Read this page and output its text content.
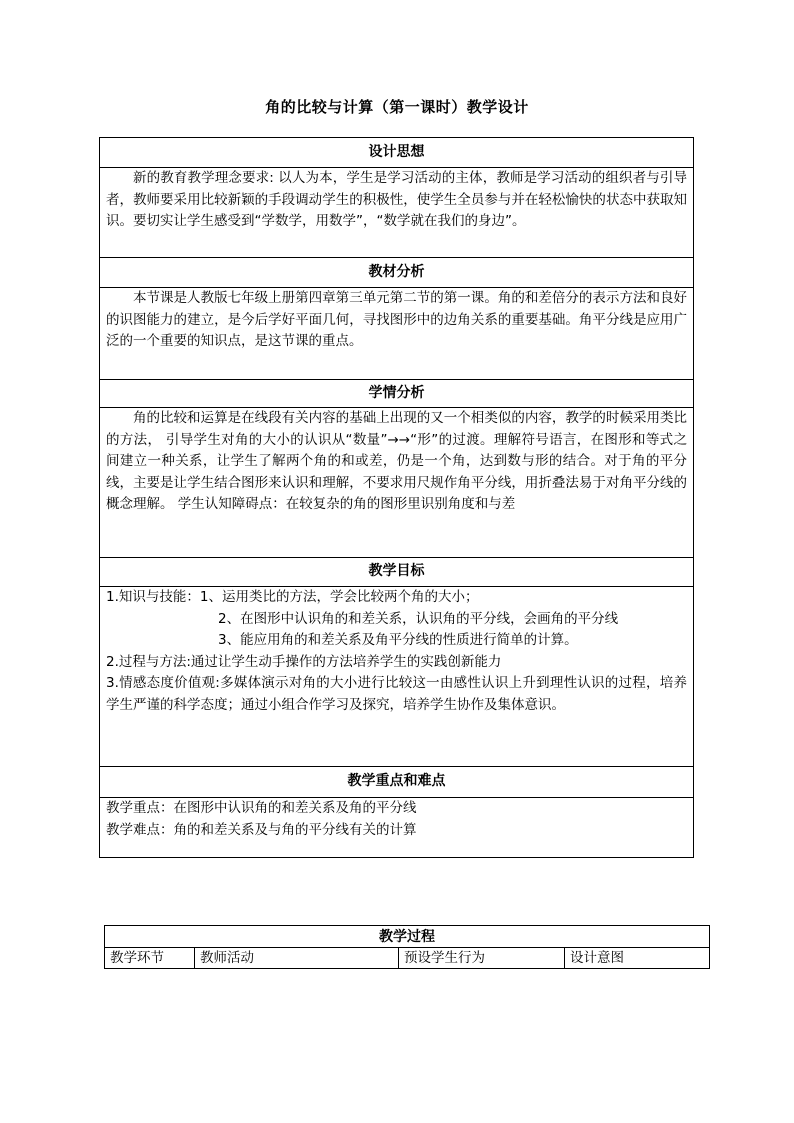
角的比较与计算（第一课时）教学设计
设计思想

新的教育教学理念要求: 以人为本，学生是学习活动的主体，教师是学习活动的组织者与引导者，教师要采用比较新颖的手段调动学生的积极性，使学生全员参与并在轻松愉快的状态中获取知识。要切实让学生感受到“学数学，用数学”，“数学就在我们的身边”。

教材分析

本节课是人教版七年级上册第四章第三单元第二节的第一课。角的和差倍分的表示方法和良好的识图能力的建立，是今后学好平面几何，寻找图形中的边角关系的重要基础。角平分线是应用广泛的一个重要的知识点，是这节课的重点。

学情分析

角的比较和运算是在线段有关内容的基础上出现的又一个相类似的内容，教学的时候采用类比的方法， 引导学生对角的大小的认识从“数量”→→“形”的过渡。理解符号语言，在图形和等式之间建立一种关系，让学生了解两个角的和或差，仍是一个角，达到数与形的结合。对于角的平分线，主要是让学生结合图形来认识和理解，不要求用尺规作角平分线，用折叠法易于对角平分线的概念理解。 学生认知障碍点：在较复杂的角的图形里识别角度和与差

教学目标

1.知识与技能：1、运用类比的方法，学会比较两个角的大小；

2、在图形中认识角的和差关系，认识角的平分线，会画角的平分线

3、能应用角的和差关系及角平分线的性质进行简单的计算。

2.过程与方法:通过让学生动手操作的方法培养学生的实践创新能力

3.情感态度价值观:多媒体演示对角的大小进行比较这一由感性认识上升到理性认识的过程，培养学生严谨的科学态度；通过小组合作学习及探究，培养学生协作及集体意识。

教学重点和难点

教学重点：在图形中认识角的和差关系及角的平分线

教学难点：角的和差关系及与角的平分线有关的计算

教学过程
教学环节	教师活动	预设学生行为	设计意图
